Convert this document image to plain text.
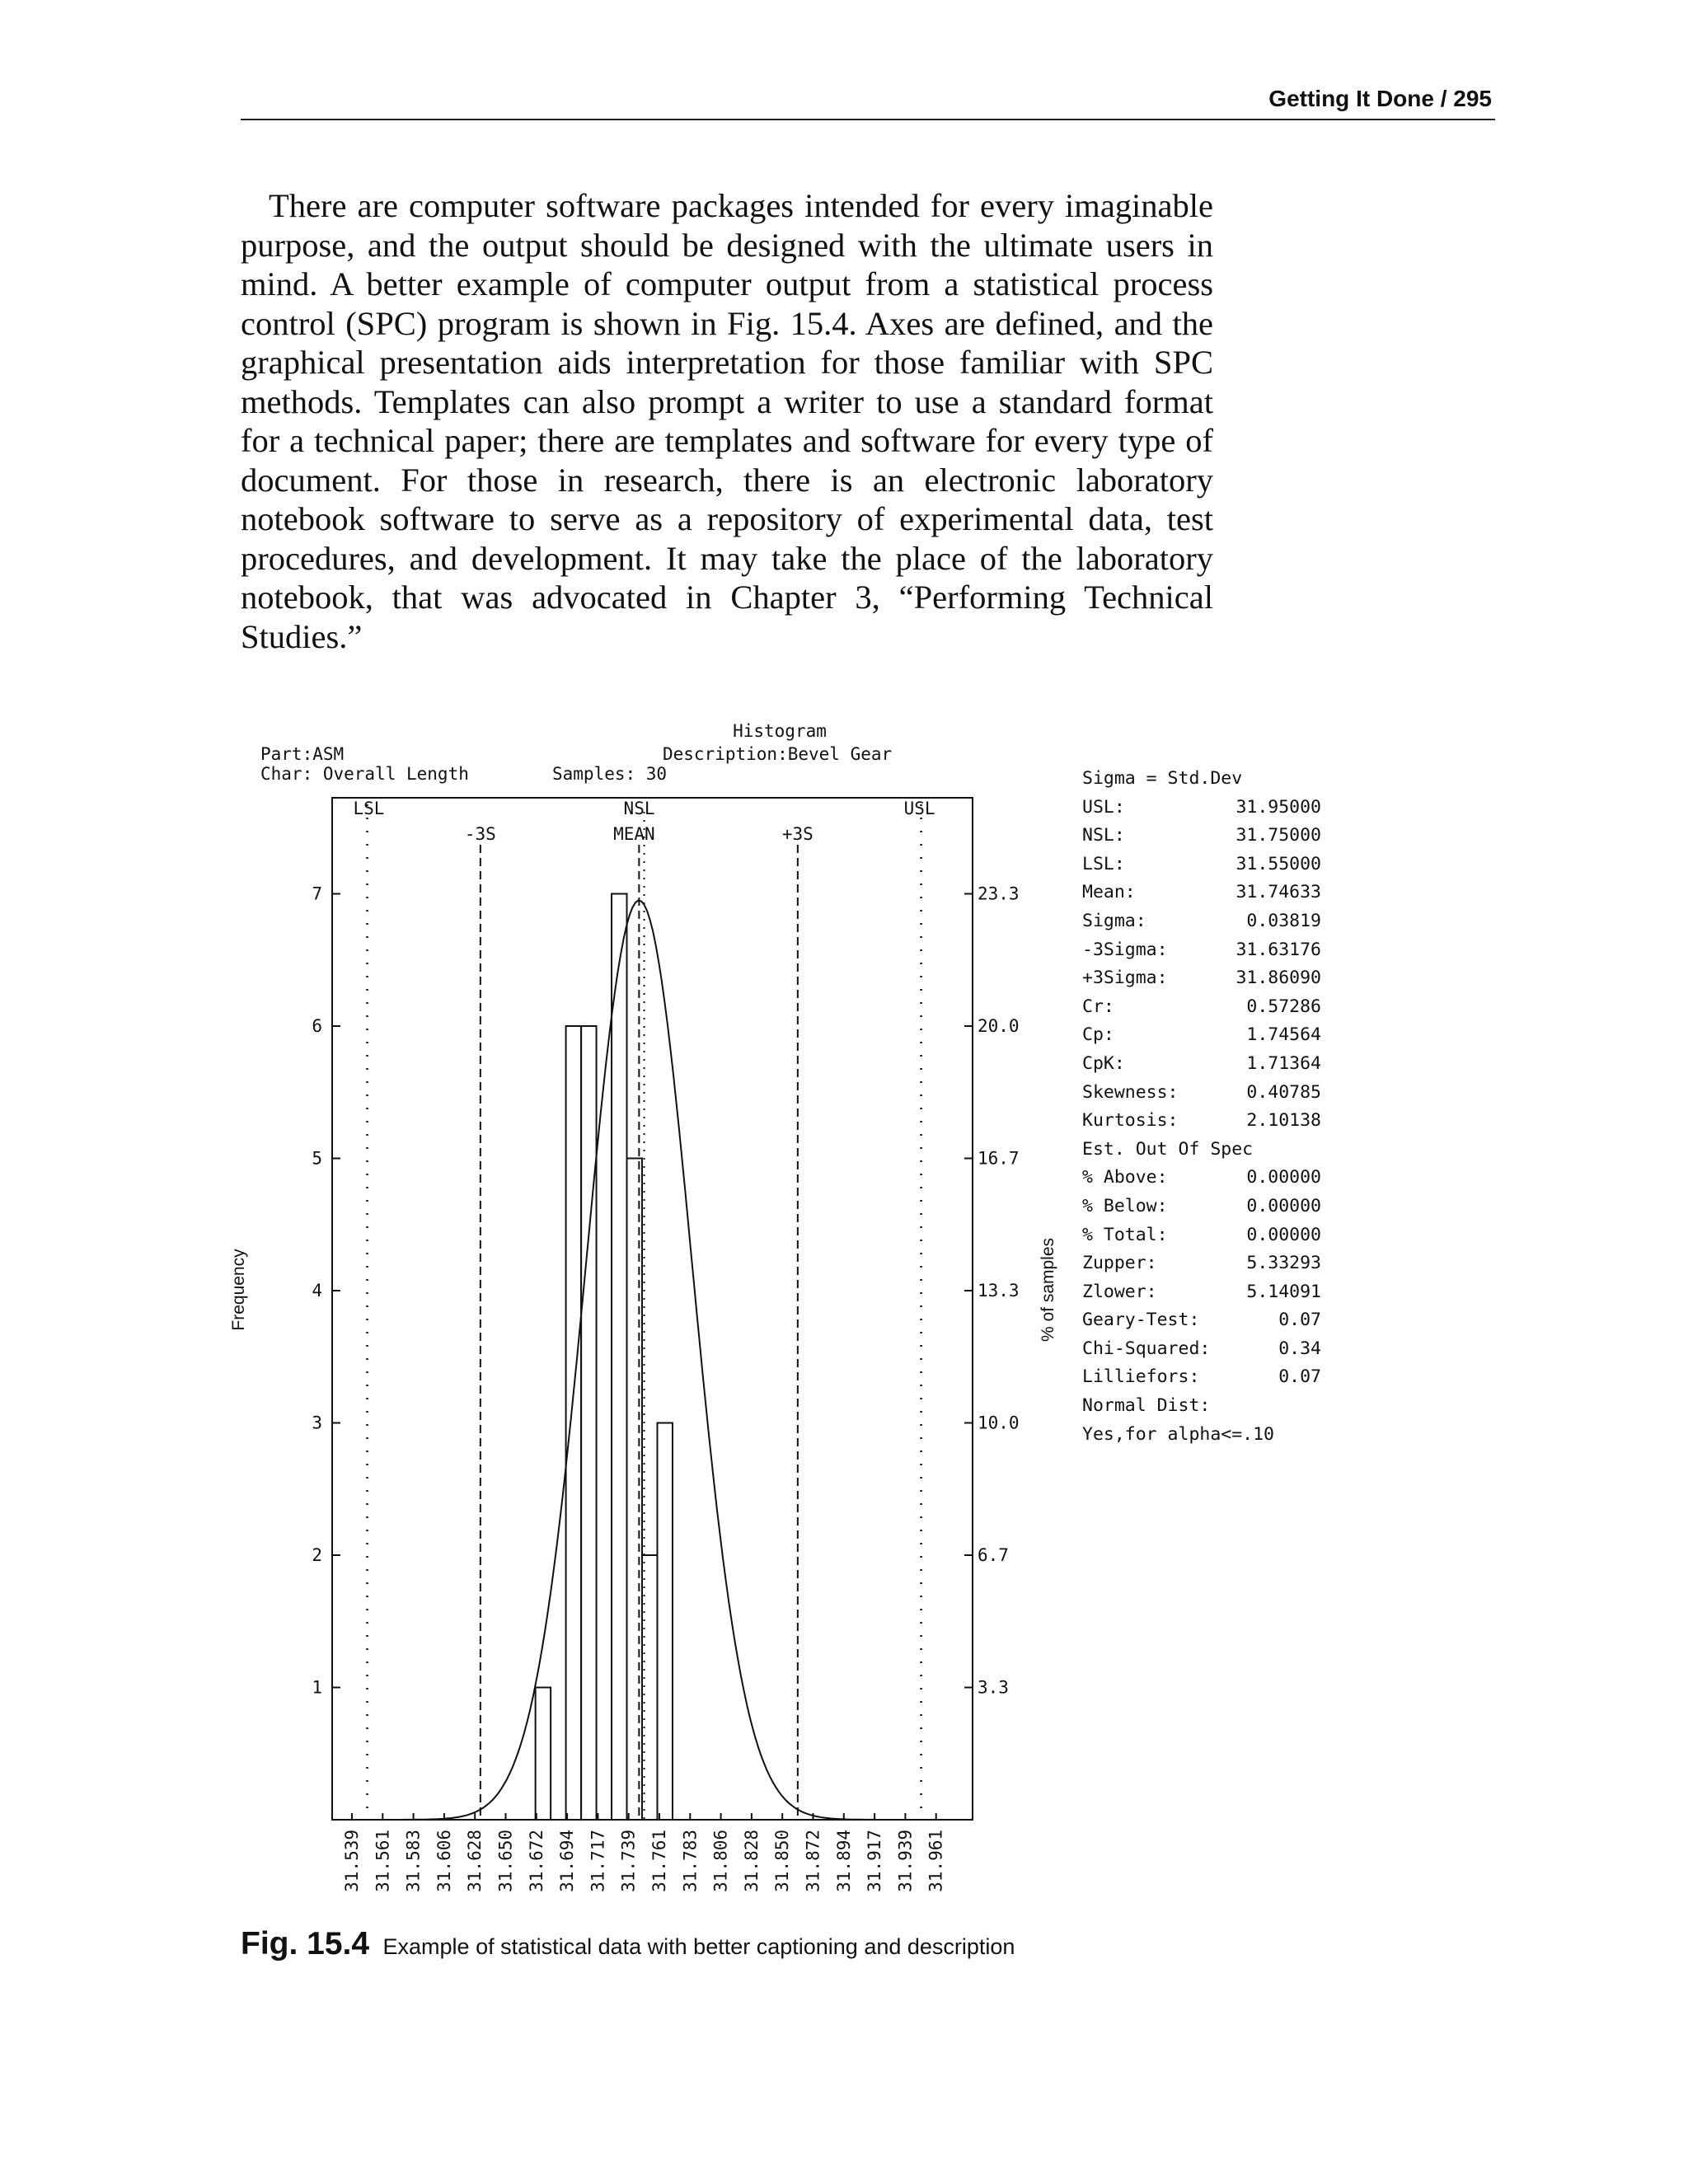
Getting It Done / 295

There are computer software packages intended for every imaginable purpose, and the output should be designed with the ultimate users in mind. A better example of computer output from a statistical process control (SPC) program is shown in Fig. 15.4. Axes are defined, and the graphical presentation aids interpretation for those familiar with SPC methods. Templates can also prompt a writer to use a standard format for a technical paper; there are templates and software for every type of document. For those in research, there is an electronic laboratory notebook software to serve as a repository of experimental data, test procedures, and development. It may take the place of the laboratory notebook, that was advocated in Chapter 3, “Performing Technical Studies.”

Histogram
Part:ASM
Char: Overall Length
Description:Bevel Gear
Samples: 30
LSL	USL
NSL
MEAN
-3S	+3S
1
2
3
4
5
6
7
3.3
6.7
10.0
13.3
16.7
20.0
23.3
31.539 31.561 31.583 31.606 31.628 31.650 31.672 31.694 31.717 31.739 31.761 31.783 31.806 31.828 31.850 31.872 31.894 31.917 31.939 31.961
Frequency	% of samples
Sigma = Std.Dev
USL:	31.95000
NSL:	31.75000
LSL:	31.55000
Mean:	31.74633
Sigma:	0.03819
-3Sigma:	31.63176
+3Sigma:	31.86090
Cr:	0.57286
Cp:	1.74564
CpK:	1.71364
Skewness:	0.40785
Kurtosis:	2.10138
Est. Out Of Spec
% Above:	0.00000
% Below:	0.00000
% Total:	0.00000
Zupper:	5.33293
Zlower:	5.14091
Geary-Test:	0.07
Chi-Squared:	0.34
Lilliefors:	0.07
Normal Dist:
Yes,for alpha<=.10
Fig. 15.4 Example of statistical data with better captioning and description
